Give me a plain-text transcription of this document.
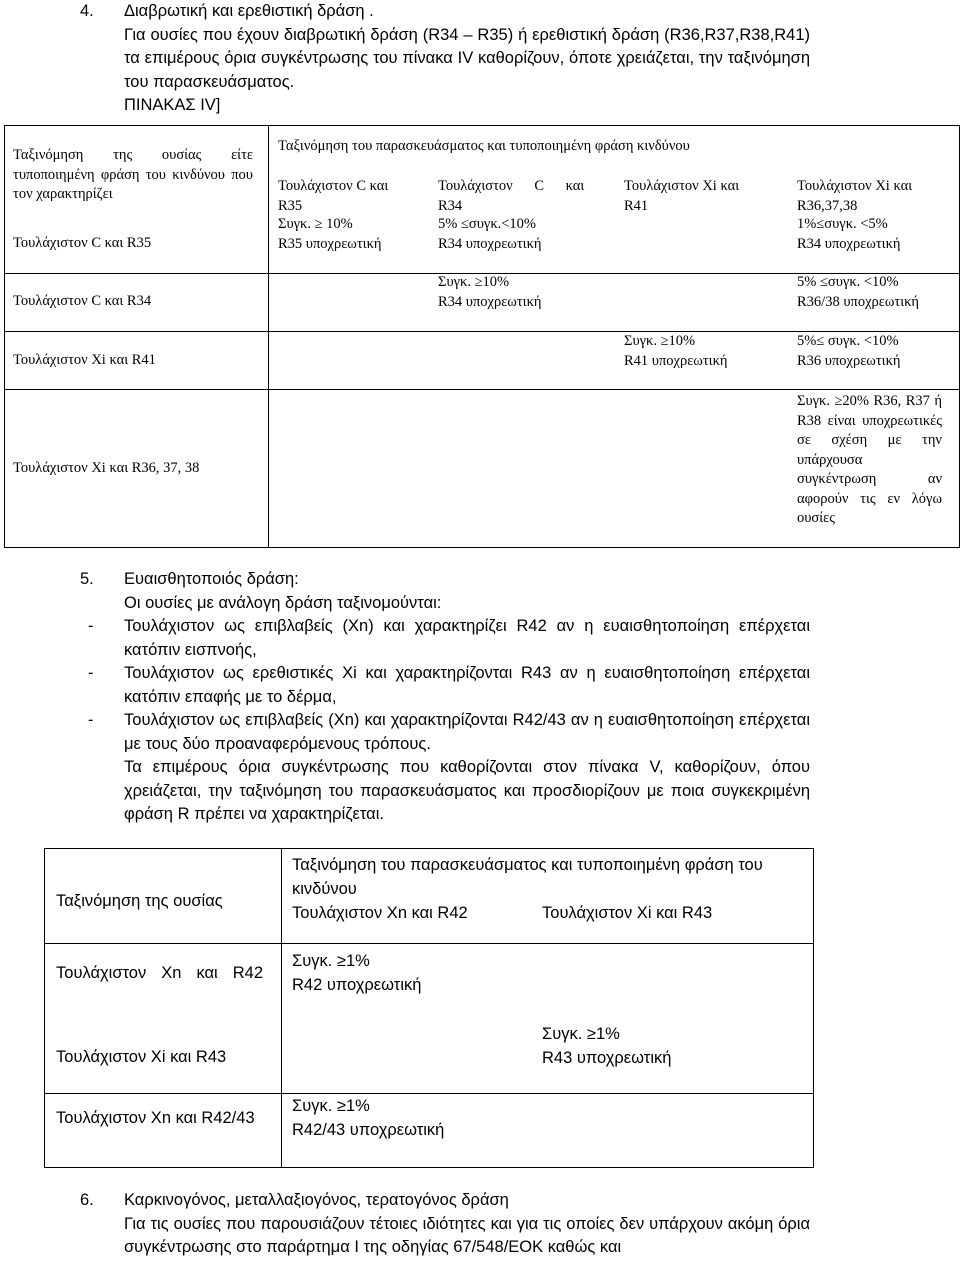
4. Διαβρωτική και ερεθιστική δράση .
Για ουσίες που έχουν διαβρωτική δράση (R34 – R35) ή ερεθιστική δράση (R36,R37,R38,R41) τα επιμέρους όρια συγκέντρωσης του πίνακα IV καθορίζουν, όποτε χρειάζεται, την ταξινόμηση του παρασκευάσματος.
ΠΙΝΑΚΑΣ IV]
Ταξινόμηση της ουσίας είτε τυποποιημένη φράση του κινδύνου που τον χαρακτηρίζει
Ταξινόμηση του παρασκευάσματος και τυποποιημένη φράση κινδύνου
Τουλάχιστον C και
R35
Τουλάχιστον C και
R34
Τουλάχιστον Xi και
R41
Τουλάχιστον Xi και
R36,37,38
Τουλάχιστον C και R35
Συγκ. ≥ 10%
R35 υποχρεωτική
5% ≤συγκ.<10%
R34 υποχρεωτική
1%≤συγκ. <5%
R34 υποχρεωτική
Τουλάχιστον C και R34
Συγκ. ≥10%
R34 υποχρεωτική
5% ≤συγκ. <10%
R36/38 υποχρεωτική
Τουλάχιστον Xi και R41
Συγκ. ≥10%
R41 υποχρεωτική
5%≤ συγκ. <10%
R36 υποχρεωτική
Τουλάχιστον Xi και R36, 37, 38
Συγκ. ≥20% R36, R37 ή R38 είναι υποχρεωτικές σε σχέση με την υπάρχουσα συγκέντρωση αν αφορούν τις εν λόγω ουσίες
5. Ευαισθητοποιός δράση:
Οι ουσίες με ανάλογη δράση ταξινομούνται:
- Τουλάχιστον ως επιβλαβείς (Xn) και χαρακτηρίζει R42 αν η ευαισθητοποίηση επέρχεται κατόπιν εισπνοής,
- Τουλάχιστον ως ερεθιστικές Xi και χαρακτηρίζονται R43 αν η ευαισθητοποίηση επέρχεται κατόπιν επαφής με το δέρμα,
- Τουλάχιστον ως επιβλαβείς (Xn) και χαρακτηρίζονται R42/43 αν η ευαισθητοποίηση επέρχεται με τους δύο προαναφερόμενους τρόπους.
Τα επιμέρους όρια συγκέντρωσης που καθορίζονται στον πίνακα V, καθορίζουν, όπου χρειάζεται, την ταξινόμηση του παρασκευάσματος και προσδιορίζουν με ποια συγκεκριμένη φράση R πρέπει να χαρακτηρίζεται.
Ταξινόμηση της ουσίας
Ταξινόμηση του παρασκευάσματος και τυποποιημένη φράση του κινδύνου
Τουλάχιστον Xn και R42	Τουλάχιστον Xi και R43
Τουλάχιστον Xn και R42
Συγκ. ≥1%
R42 υποχρεωτική
Τουλάχιστον Xi και R43
Συγκ. ≥1%
R43 υποχρεωτική
Τουλάχιστον Xn και R42/43
Συγκ. ≥1%
R42/43 υποχρεωτική
6. Καρκινογόνος, μεταλλαξιογόνος, τερατογόνος δράση
Για τις ουσίες που παρουσιάζουν τέτοιες ιδιότητες και για τις οποίες δεν υπάρχουν ακόμη όρια συγκέντρωσης στο παράρτημα Ι της οδηγίας 67/548/ΕΟΚ καθώς και
